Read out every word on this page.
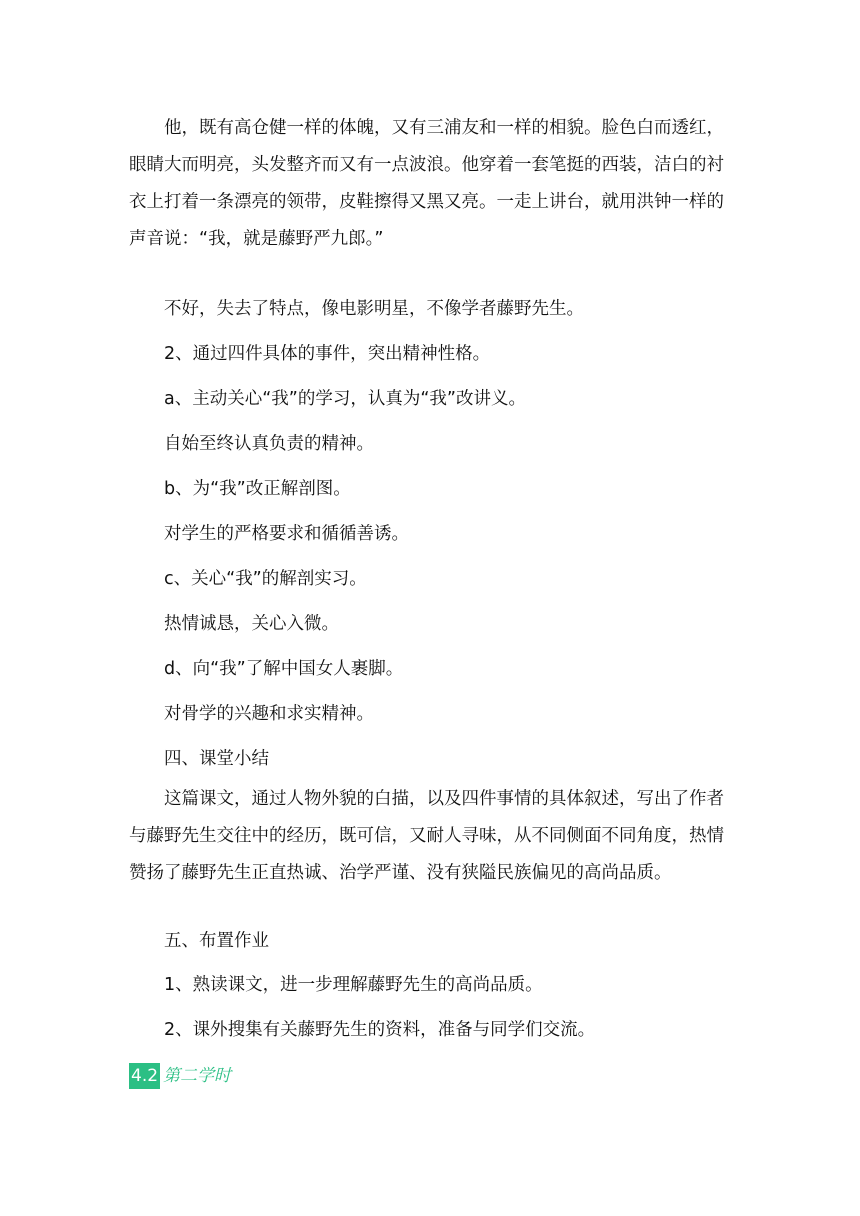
他，既有高仓健一样的体魄，又有三浦友和一样的相貌。脸色白而透红，眼睛大而明亮，头发整齐而又有一点波浪。他穿着一套笔挺的西装，洁白的衬衣上打着一条漂亮的领带，皮鞋擦得又黑又亮。一走上讲台，就用洪钟一样的声音说：“我，就是藤野严九郎。”

不好，失去了特点，像电影明星，不像学者藤野先生。

2、通过四件具体的事件，突出精神性格。

a、主动关心“我”的学习，认真为“我”改讲义。

自始至终认真负责的精神。

b、为“我”改正解剖图。

对学生的严格要求和循循善诱。

c、关心“我”的解剖实习。

热情诚恳，关心入微。

d、向“我”了解中国女人裹脚。

对骨学的兴趣和求实精神。

四、课堂小结

这篇课文，通过人物外貌的白描，以及四件事情的具体叙述，写出了作者与藤野先生交往中的经历，既可信，又耐人寻味，从不同侧面不同角度，热情赞扬了藤野先生正直热诚、治学严谨、没有狭隘民族偏见的高尚品质。

五、布置作业

1、熟读课文，进一步理解藤野先生的高尚品质。

2、课外搜集有关藤野先生的资料，准备与同学们交流。

4.2 第二学时
